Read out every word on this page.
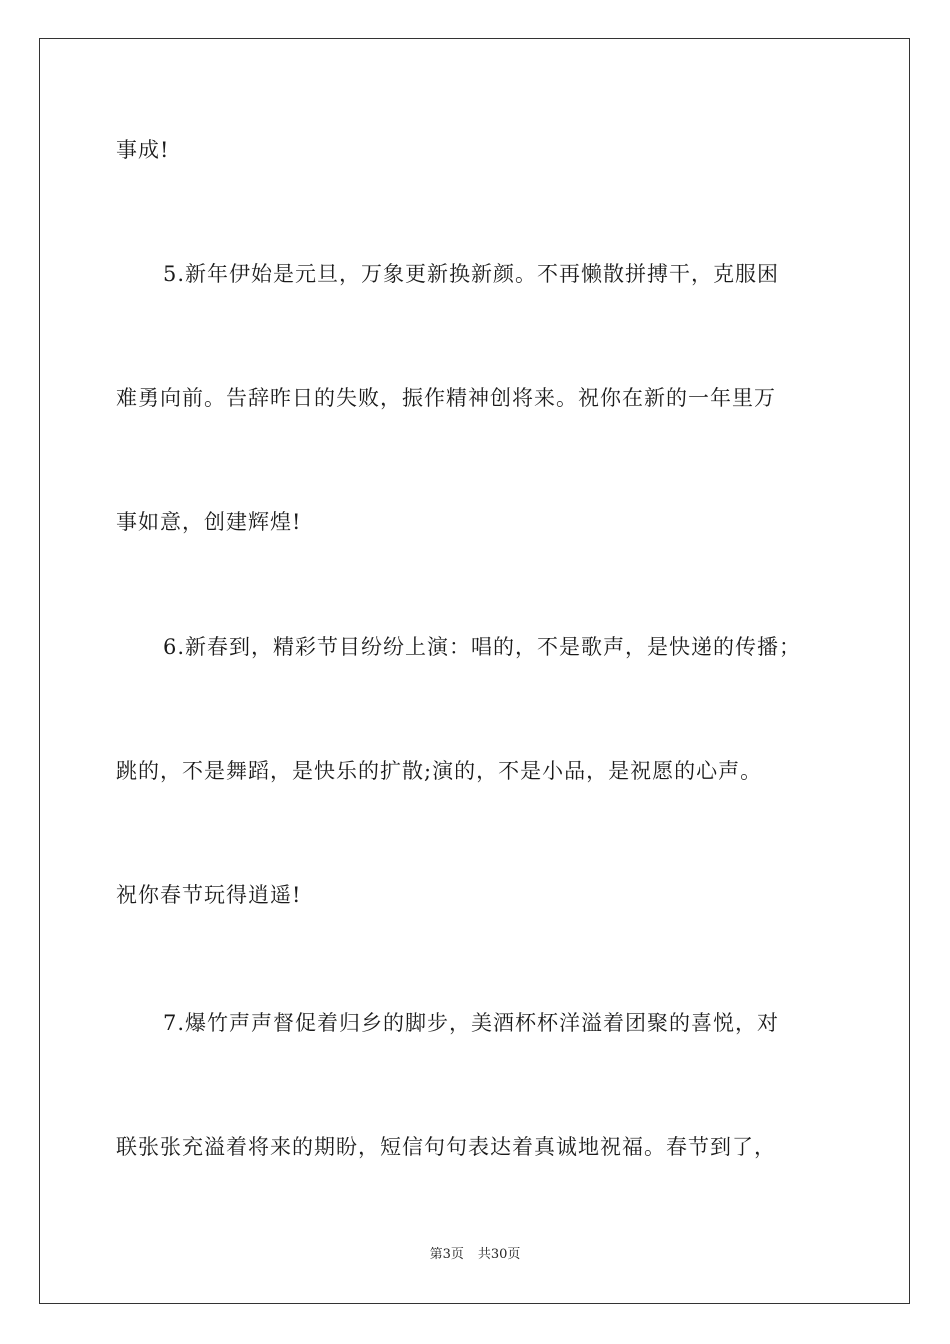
事成!
5.新年伊始是元旦，万象更新换新颜。不再懒散拼搏干，克服困
难勇向前。告辞昨日的失败，振作精神创将来。祝你在新的一年里万
事如意，创建辉煌!
6.新春到，精彩节目纷纷上演：唱的，不是歌声，是快递的传播；
跳的，不是舞蹈，是快乐的扩散;演的，不是小品，是祝愿的心声。
祝你春节玩得逍遥!
7.爆竹声声督促着归乡的脚步，美酒杯杯洋溢着团聚的喜悦，对
联张张充溢着将来的期盼，短信句句表达着真诚地祝福。春节到了，
第3页 共30页
